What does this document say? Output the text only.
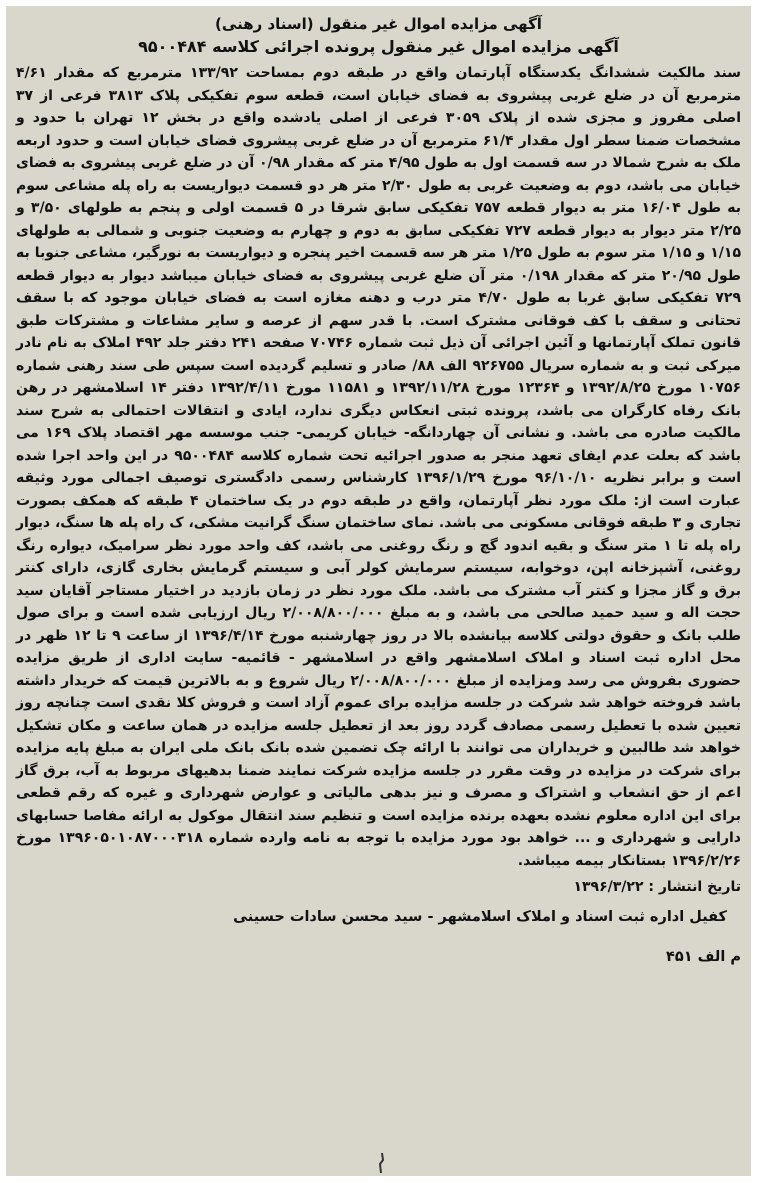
آگهی مزایده اموال غیر منقول (اسناد رهنی)
آگهی مزایده اموال غیر منقول پرونده اجرائی کلاسه ۹۵۰۰۴۸۴

سند مالکیت ششدانگ یکدستگاه آپارتمان واقع در طبقه دوم بمساحت ۱۳۳/۹۲ مترمربع که مقدار ۴/۶۱ مترمربع آن در ضلع غربی پیشروی به فضای خیابان است، قطعه سوم تفکیکی پلاک ۳۸۱۳ فرعی از ۳۷ اصلی مفروز و مجزی شده از پلاک ۳۰۵۹ فرعی از اصلی یادشده واقع در بخش ۱۲ تهران با حدود و مشخصات ضمنا سطر اول مقدار ۶۱/۴ مترمربع آن در ضلع غربی پیشروی فضای خیابان است و حدود اربعه ملک به شرح شمالا در سه قسمت اول به طول ۴/۹۵ متر که مقدار ۰/۹۸ آن در ضلع غربی پیشروی به فضای خیابان می باشد، دوم به وضعیت غربی به طول ۲/۳۰ متر هر دو قسمت دیواریست به راه پله مشاعی سوم به طول ۱۶/۰۴ متر به دیوار قطعه ۷۵۷ تفکیکی سابق شرقا در ۵ قسمت اولی و پنجم به طولهای ۳/۵۰ و ۲/۲۵ متر دیوار به دیوار قطعه ۷۲۷ تفکیکی سابق به دوم و چهارم به وضعیت جنوبی و شمالی به طولهای ۱/۱۵ و ۱/۱۵ متر سوم به طول ۱/۲۵ متر هر سه قسمت اخیر پنجره و دیواریست به نورگیر، مشاعی جنوبا به طول ۲۰/۹۵ متر که مقدار ۰/۱۹۸ متر آن ضلع غربی پیشروی به فضای خیابان میباشد دیوار به دیوار قطعه ۷۲۹ تفکیکی سابق غربا به طول ۴/۷۰ متر درب و دهنه مغازه است به فضای خیابان موجود که با سقف تحتانی و سقف با کف فوقانی مشترک است. با قدر سهم از عرصه و سایر مشاعات و مشترکات طبق قانون تملک آپارتمانها و آئین اجرائی آن ذیل ثبت شماره ۷۰۷۴۶ صفحه ۲۴۱ دفتر جلد ۴۹۲ املاک به نام نادر میرکی ثبت و به شماره سریال ۹۲۶۷۵۵ الف ۸۸/ صادر و تسلیم گردیده است سپس طی سند رهنی شماره ۱۰۷۵۶ مورخ ۱۳۹۲/۸/۲۵ و ۱۲۳۶۴ مورخ ۱۳۹۲/۱۱/۲۸ و ۱۱۵۸۱ مورخ ۱۳۹۲/۴/۱۱ دفتر ۱۴ اسلامشهر در رهن بانک رفاه کارگران می باشد، پرونده ثبتی انعکاس دیگری ندارد، ایادی و انتقالات احتمالی به شرح سند مالکیت صادره می باشد. و نشانی آن چهاردانگه- خیابان کریمی- جنب موسسه مهر اقتصاد پلاک ۱۶۹ می باشد که بعلت عدم ایفای تعهد منجر به صدور اجرائیه تحت شماره کلاسه ۹۵۰۰۴۸۴ در این واحد اجرا شده است و برابر نظریه ۹۶/۱۰/۱۰ مورخ ۱۳۹۶/۱/۲۹ کارشناس رسمی دادگستری توصیف اجمالی مورد وثیقه عبارت است از: ملک مورد نظر آپارتمان، واقع در طبقه دوم در یک ساختمان ۴ طبقه که همکف بصورت تجاری و ۳ طبقه فوقانی مسکونی می باشد. نمای ساختمان سنگ گرانیت مشکی، ک راه پله ها سنگ، دیوار راه پله تا ۱ متر سنگ و بقیه اندود گچ و رنگ روغنی می باشد، کف واحد مورد نظر سرامیک، دیواره رنگ روغنی، آشپزخانه اپن، دوخوابه، سیستم سرمایش کولر آبی و سیستم گرمایش بخاری گازی، دارای کنتر برق و گاز مجزا و کنتر آب مشترک می باشد. ملک مورد نظر در زمان بازدید در اختیار مستاجر آقایان سید حجت اله و سید حمید صالحی می باشد، و به مبلغ ۲/۰۰۸/۸۰۰/۰۰۰ ریال ارزیابی شده است و برای صول طلب بانک و حقوق دولتی کلاسه بیانشده بالا در روز چهارشنبه مورخ ۱۳۹۶/۴/۱۴ از ساعت ۹ تا ۱۲ ظهر در محل اداره ثبت اسناد و املاک اسلامشهر واقع در اسلامشهر - قائمیه- سایت اداری از طریق مزایده حضوری بفروش می رسد ومزایده از مبلغ ۲/۰۰۸/۸۰۰/۰۰۰ ریال شروع و به بالاترین قیمت که خریدار داشته باشد فروخته خواهد شد شرکت در جلسه مزایده برای عموم آزاد است و فروش کلا نقدی است چنانچه روز تعیین شده با تعطیل رسمی مصادف گردد روز بعد از تعطیل جلسه مزایده در همان ساعت و مکان تشکیل خواهد شد طالبین و خریداران می توانند با ارائه چک تضمین شده بانک بانک ملی ایران به مبلغ پایه مزایده برای شرکت در مزایده در وقت مقرر در جلسه مزایده شرکت نمایند ضمنا بدهیهای مربوط به آب، برق گاز اعم از حق انشعاب و اشتراک و مصرف و نیز بدهی مالیاتی و عوارض شهرداری و غیره که رقم قطعی برای این اداره معلوم نشده بعهده برنده مزایده است و تنظیم سند انتقال موکول به ارائه مفاصا حسابهای دارایی و شهرداری و ... خواهد بود مورد مزایده با توجه به نامه وارده شماره ۱۳۹۶۰۵۰۱۰۸۷۰۰۰۳۱۸ مورخ ۱۳۹۶/۲/۲۶ بستانکار بیمه میباشد.

تاریخ انتشار : ۱۳۹۶/۳/۲۲
کفیل اداره ثبت اسناد و املاک اسلامشهر - سید محسن سادات حسینی
م الف ۴۵۱
